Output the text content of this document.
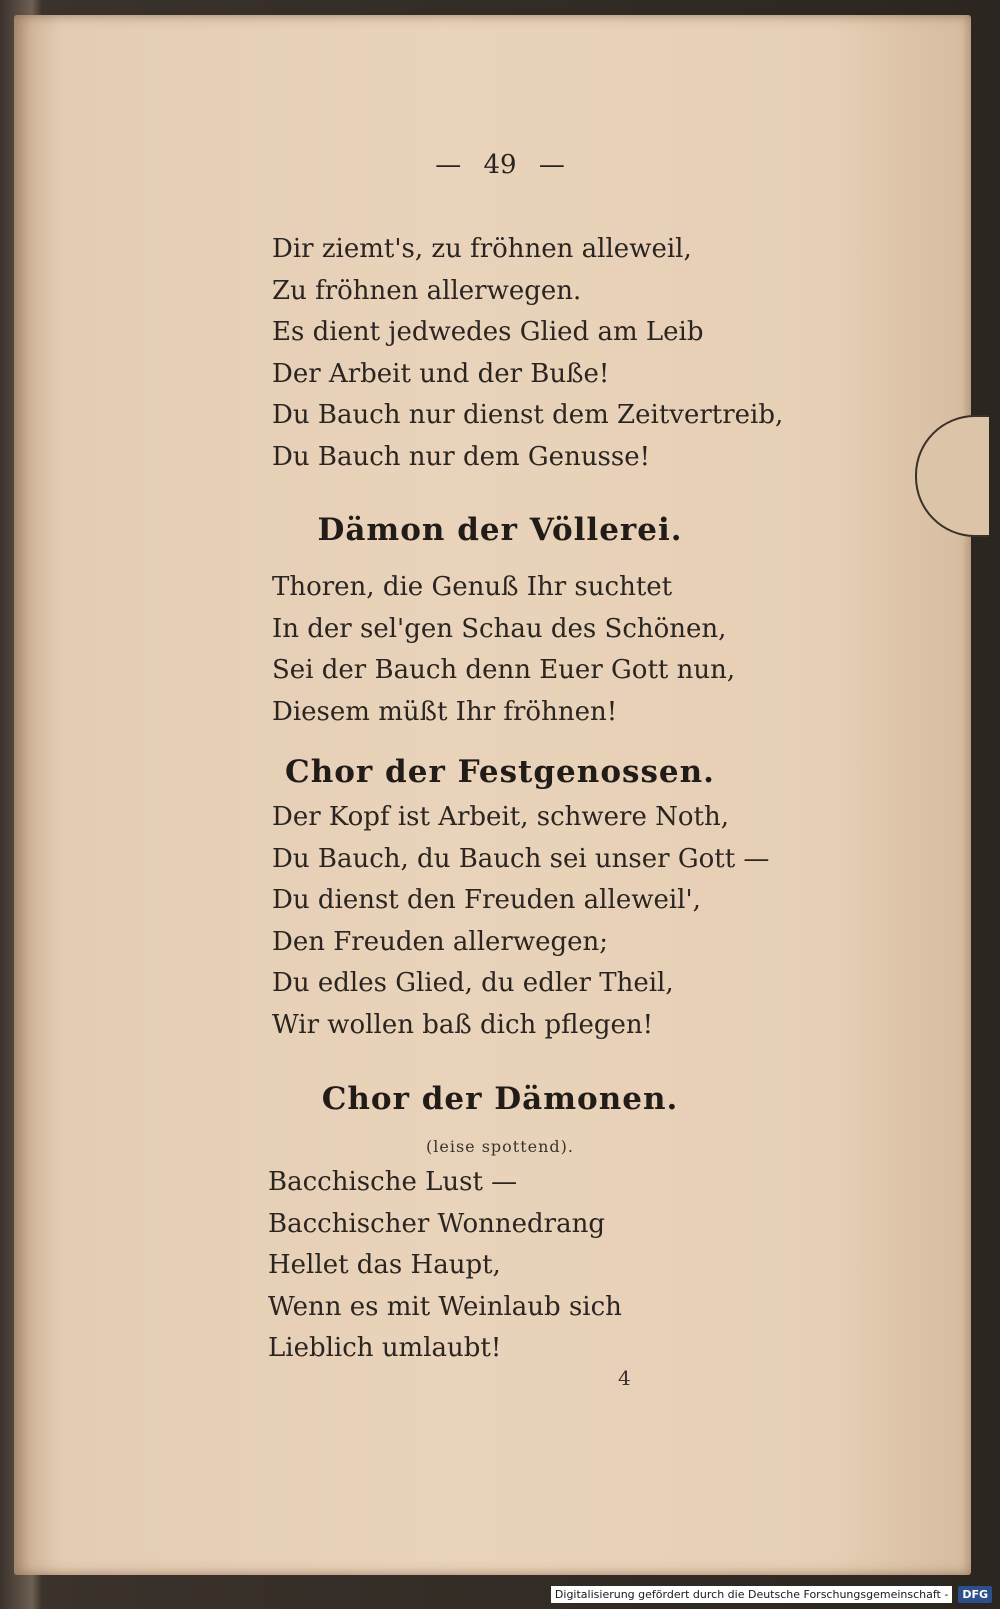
— 49 —
Dir ziemt's, zu fröhnen alleweil,
Zu fröhnen allerwegen.
Es dient jedwedes Glied am Leib
Der Arbeit und der Buße!
Du Bauch nur dienst dem Zeitvertreib,
Du Bauch nur dem Genusse!
Dämon der Völlerei.
Thoren, die Genuß Ihr suchtet
In der sel'gen Schau des Schönen,
Sei der Bauch denn Euer Gott nun,
Diesem müßt Ihr fröhnen!
Chor der Festgenossen.
Der Kopf ist Arbeit, schwere Noth,
Du Bauch, du Bauch sei unser Gott —
Du dienst den Freuden alleweil',
Den Freuden allerwegen;
Du edles Glied, du edler Theil,
Wir wollen baß dich pflegen!
Chor der Dämonen.
(leise spottend).
Bacchische Lust —
Bacchischer Wonnedrang
Hellet das Haupt,
Wenn es mit Weinlaub sich
Lieblich umlaubt!
4
Digitalisierung gefördert durch die Deutsche Forschungsgemeinschaft -	DFG
